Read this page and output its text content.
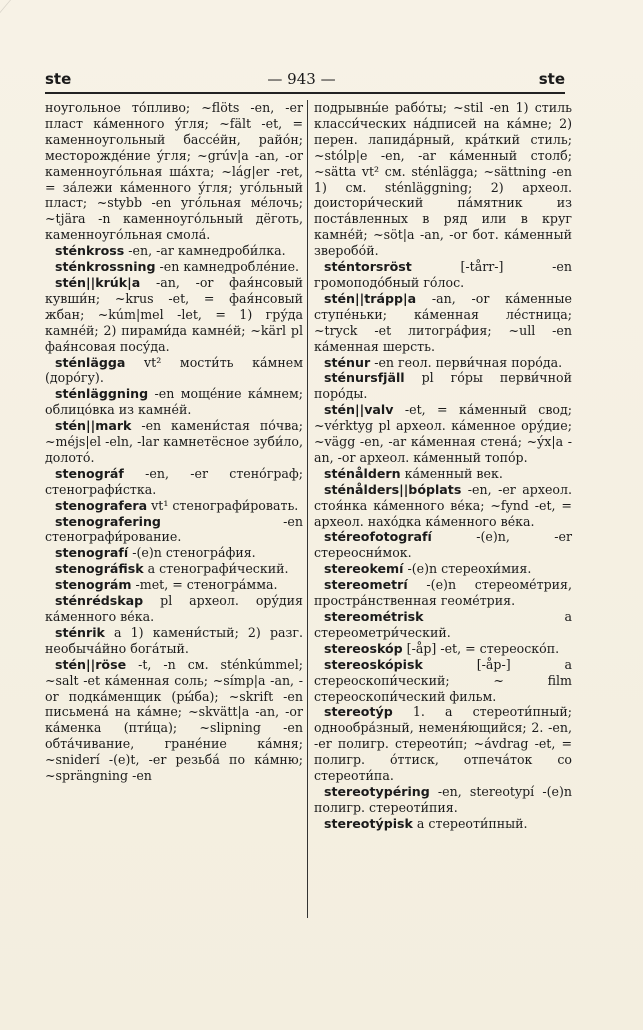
ste	— 943 —	ste

ноугольное то́пливо; ~flöts -en, -er пласт ка́менного у́гля; ~fält -et, = каменноугольный бассе́йн, райо́н; месторожде́ние у́гля; ~grúv|a -an, -or каменноуго́льная ша́хта; ~lág|er -ret, = за́лежи ка́менного у́гля; уго́льный пласт; ~stybb -en уго́льная ме́лочь; ~tjära -n каменноуго́льный дёготь, каменноуго́льная смола́.

sténkross -en, -ar камнедроби́лка.

sténkrossning -en камнедробле́ние.

stén||krúk|a -an, -or фая́нсовый кувши́н; ~krus -et, = фая́нсовый жбан; ~kúm|mel -let, = 1) гру́да камне́й; 2) пирами́да камне́й; ~kärl pl фая́нсовая посу́да.

sténlägga vt² мости́ть ка́мнем (доро́гу).

sténläggning -en моще́ние ка́мнем; облицо́вка из камне́й.

stén||mark -en камени́стая по́чва; ~méjs|el -eln, -lar камнетёсное зуби́ло, долото́.

stenográf -en, -er стено́граф; стенографи́стка.

stenografera vt¹ стенографи́ровать.

stenografering -en стенографи́рование.

stenografí -(e)n стеногра́фия.

stenográfisk a стенографи́ческий.

stenográm -met, = стеногра́мма.

sténrédskap pl археол. ору́дия ка́менного ве́ка.

sténrik a 1) камени́стый; 2) разг. необыча́йно бога́тый.

stén||röse -t, -n см. sténkúmmel; ~salt -et ка́менная соль; ~símp|a -an, -or подка́менщик (ры́ба); ~skrift -en письмена́ на ка́мне; ~skvätt|a -an, -or ка́менка (пти́ца); ~slipning -en обта́чивание, гране́ние ка́мня; ~sniderí -(e)t, -er резьба́ по ка́мню; ~sprängning -en

подрывны́е рабо́ты; ~stil -en 1) стиль класси́ческих на́дписей на ка́мне; 2) перен. лапида́рный, кра́ткий стиль; ~stólp|e -en, -ar ка́менный столб; ~sätta vt² см. sténlägga; ~sättning -en 1) см. sténläggning; 2) археол. доистори́ческий па́мятник из поста́вленных в ряд или в круг камне́й; ~söt|a -an, -or бот. ка́менный зверобо́й.

sténtorsröst [-tårr-] -en громоподо́бный го́лос.

stén||trápp|a -an, -or ка́менные ступе́ньки; ка́менная ле́стница; ~tryck -et литогра́фия; ~ull -en ка́менная шерсть.

sténur -en геол. перви́чная поро́да.

sténursfjäll pl го́ры перви́чной поро́ды.

stén||valv -et, = ка́менный свод; ~vérktyg pl археол. ка́менное ору́дие; ~vägg -en, -ar ка́менная стена́; ~ýx|a -an, -or археол. ка́менный топо́р.

sténåldern ка́менный век.

sténålders||bóplats -en, -er археол. стоя́нка ка́менного ве́ка; ~fynd -et, = археол. нахо́дка ка́менного ве́ка.

stéreofotografí -(e)n, -er стереосни́мок.

stereokemí -(e)n стереохи́мия.

stereometrí -(e)n стереоме́трия, простра́нственная геоме́трия.

stereométrisk a стереометри́ческий.

stereoskóp [-åp] -et, = стереоско́п.

stereoskópisk [-åp-] a стереоскопи́ческий; ~ film стереоскопи́ческий фильм.

stereotýp 1. a стереоти́пный; однообра́зный, неменя́ющийся; 2. -en, -er полигр. стереоти́п; ~ávdrag -et, = полигр. о́ттиск, отпеча́ток со стереоти́па.

stereotypéring -en, stereotypí -(e)n полигр. стереоти́пия.

stereotýpisk a стереоти́пный.
